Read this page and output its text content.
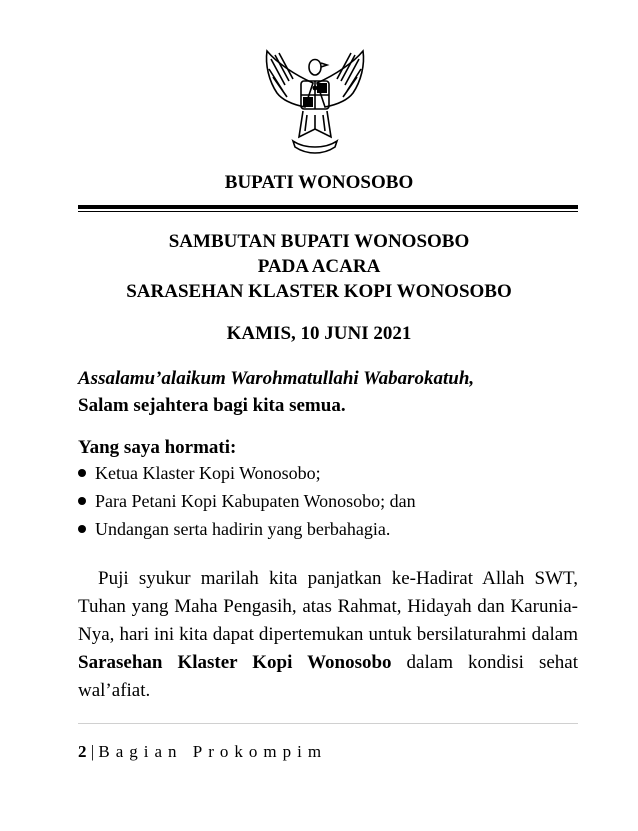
BUPATI WONOSOBO
SAMBUTAN BUPATI WONOSOBO
PADA ACARA
SARASEHAN KLASTER KOPI WONOSOBO
KAMIS, 10 JUNI 2021
Assalamu’alaikum Warohmatullahi Wabarokatuh,
Salam sejahtera bagi kita semua.
Yang saya hormati:
Ketua Klaster Kopi Wonosobo;
Para Petani Kopi Kabupaten Wonosobo; dan
Undangan serta hadirin yang berbahagia.

Puji syukur marilah kita panjatkan ke-Hadirat Allah SWT, Tuhan yang Maha Pengasih, atas Rahmat, Hidayah dan Karunia-Nya, hari ini kita dapat dipertemukan untuk bersilaturahmi dalam Sarasehan Klaster Kopi Wonosobo dalam kondisi sehat wal’afiat.

2 | Bagian Prokompim
